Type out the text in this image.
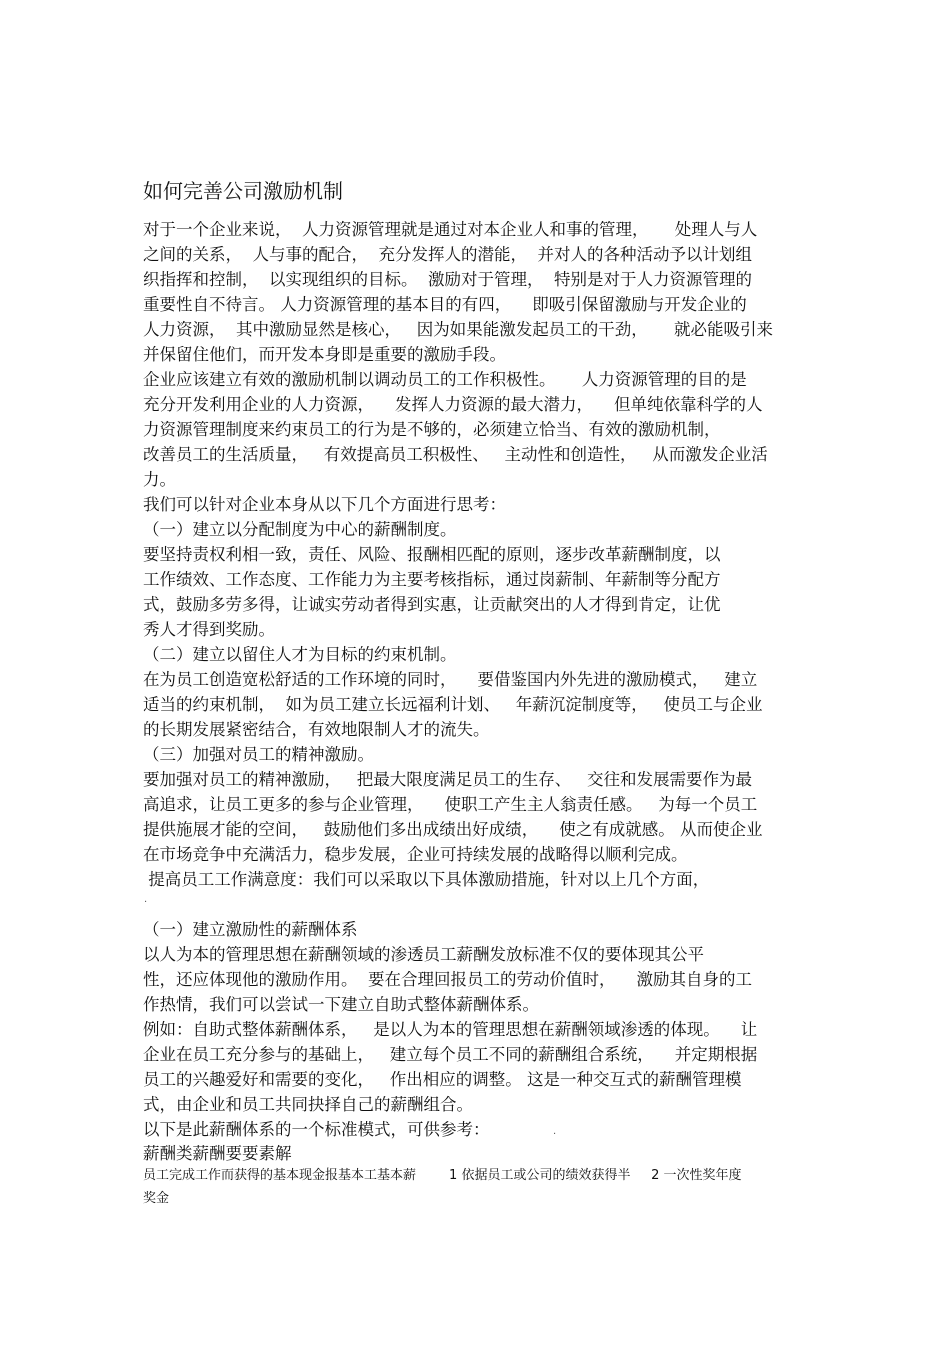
如何完善公司激励机制
对于一个企业来说，  人力资源管理就是通过对本企业人和事的管理，     处理人与人
之间的关系，  人与事的配合，  充分发挥人的潜能，  并对人的各种活动予以计划组
织指挥和控制，  以实现组织的目标。  激励对于管理，  特别是对于人力资源管理的
重要性自不待言。 人力资源管理的基本目的有四，    即吸引保留激励与开发企业的
人力资源，  其中激励显然是核心，   因为如果能激发起员工的干劲，     就必能吸引来
并保留住他们，而开发本身即是重要的激励手段。
企业应该建立有效的激励机制以调动员工的工作积极性。     人力资源管理的目的是
充分开发利用企业的人力资源，    发挥人力资源的最大潜力，    但单纯依靠科学的人
力资源管理制度来约束员工的行为是不够的，必须建立恰当、有效的激励机制，
改善员工的生活质量，   有效提高员工积极性、   主动性和创造性，   从而激发企业活
力。
我们可以针对企业本身从以下几个方面进行思考：
（一）建立以分配制度为中心的薪酬制度。
要坚持责权利相一致，责任、风险、报酬相匹配的原则，逐步改革薪酬制度，以
工作绩效、工作态度、工作能力为主要考核指标，通过岗薪制、年薪制等分配方
式，鼓励多劳多得，让诚实劳动者得到实惠，让贡献突出的人才得到肯定，让优
秀人才得到奖励。
（二）建立以留住人才为目标的约束机制。
在为员工创造宽松舒适的工作环境的同时，    要借鉴国内外先进的激励模式，   建立
适当的约束机制，  如为员工建立长远福利计划、   年薪沉淀制度等，   使员工与企业
的长期发展紧密结合，有效地限制人才的流失。
（三）加强对员工的精神激励。
要加强对员工的精神激励，   把最大限度满足员工的生存、   交往和发展需要作为最
高追求，让员工更多的参与企业管理，    使职工产生主人翁责任感。   为每一个员工
提供施展才能的空间，   鼓励他们多出成绩出好成绩，    使之有成就感。 从而使企业
在市场竞争中充满活力，稳步发展，企业可持续发展的战略得以顺利完成。
提高员工工作满意度：我们可以采取以下具体激励措施，针对以上几个方面，
·
（一）建立激励性的薪酬体系
以人为本的管理思想在薪酬领域的渗透员工薪酬发放标准不仅的要体现其公平
性，还应体现他的激励作用。  要在合理回报员工的劳动价值时，    激励其自身的工
作热情，我们可以尝试一下建立自助式整体薪酬体系。
例如：自助式整体薪酬体系，   是以人为本的管理思想在薪酬领域渗透的体现。    让
企业在员工充分参与的基础上，   建立每个员工不同的薪酬组合系统，    并定期根据
员工的兴趣爱好和需要的变化，   作出相应的调整。 这是一种交互式的薪酬管理模
式，由企业和员工共同抉择自己的薪酬组合。
以下是此薪酬体系的一个标准模式，可供参考：	.
薪酬类薪酬要要素解
员工完成工作而获得的基本现金报基本工基本薪        1 依据员工或公司的绩效获得半     2 一次性奖年度
奖金
